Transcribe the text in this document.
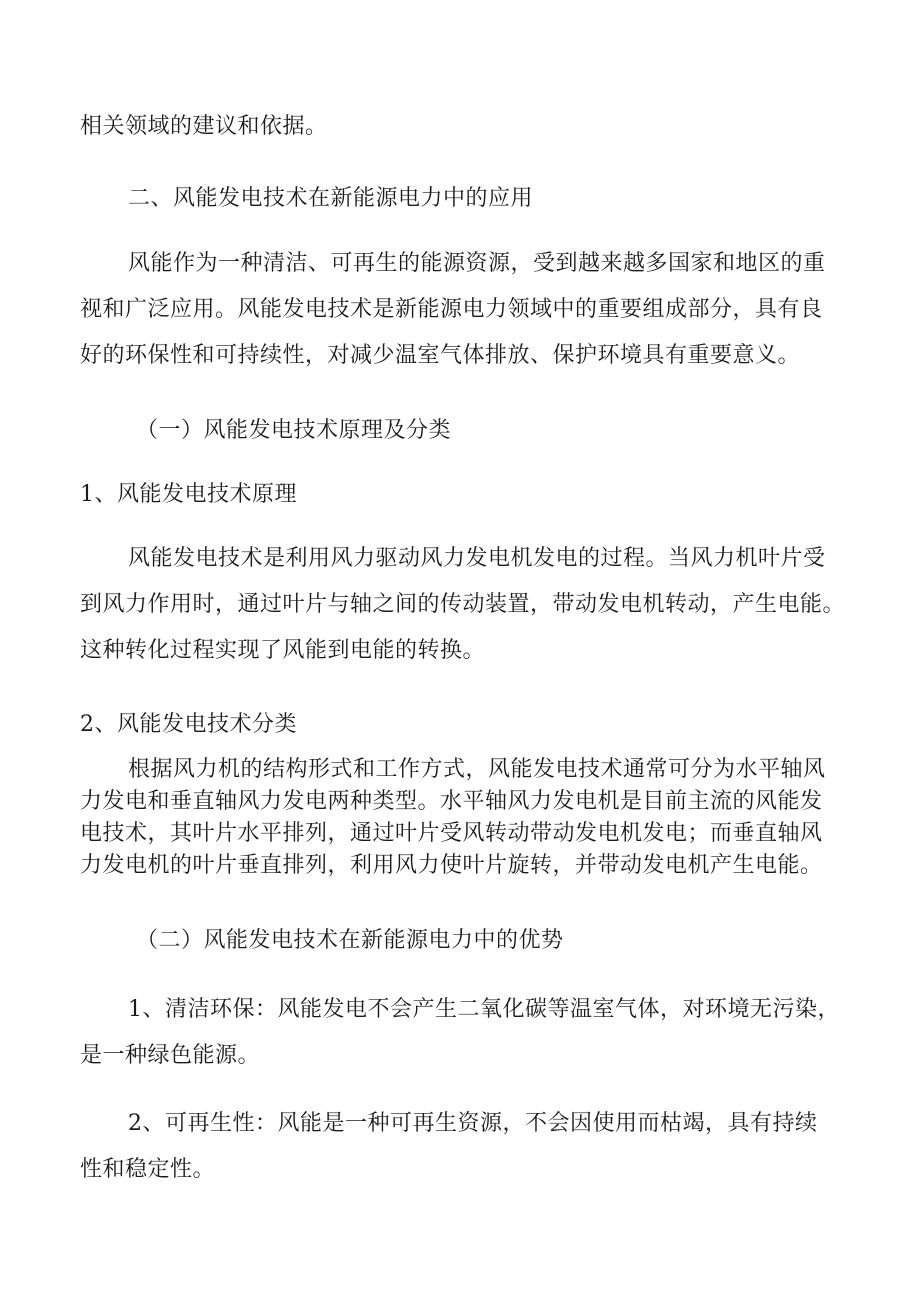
相关领域的建议和依据。

二、风能发电技术在新能源电力中的应用

风能作为一种清洁、可再生的能源资源，受到越来越多国家和地区的重
视和广泛应用。风能发电技术是新能源电力领域中的重要组成部分，具有良
好的环保性和可持续性，对减少温室气体排放、保护环境具有重要意义。

（一）风能发电技术原理及分类

1、风能发电技术原理

风能发电技术是利用风力驱动风力发电机发电的过程。当风力机叶片受
到风力作用时，通过叶片与轴之间的传动装置，带动发电机转动，产生电能。
这种转化过程实现了风能到电能的转换。

2、风能发电技术分类

根据风力机的结构形式和工作方式，风能发电技术通常可分为水平轴风
力发电和垂直轴风力发电两种类型。水平轴风力发电机是目前主流的风能发
电技术，其叶片水平排列，通过叶片受风转动带动发电机发电；而垂直轴风
力发电机的叶片垂直排列，利用风力使叶片旋转，并带动发电机产生电能。

（二）风能发电技术在新能源电力中的优势

1、清洁环保：风能发电不会产生二氧化碳等温室气体，对环境无污染，
是一种绿色能源。

2、可再生性：风能是一种可再生资源，不会因使用而枯竭，具有持续
性和稳定性。
